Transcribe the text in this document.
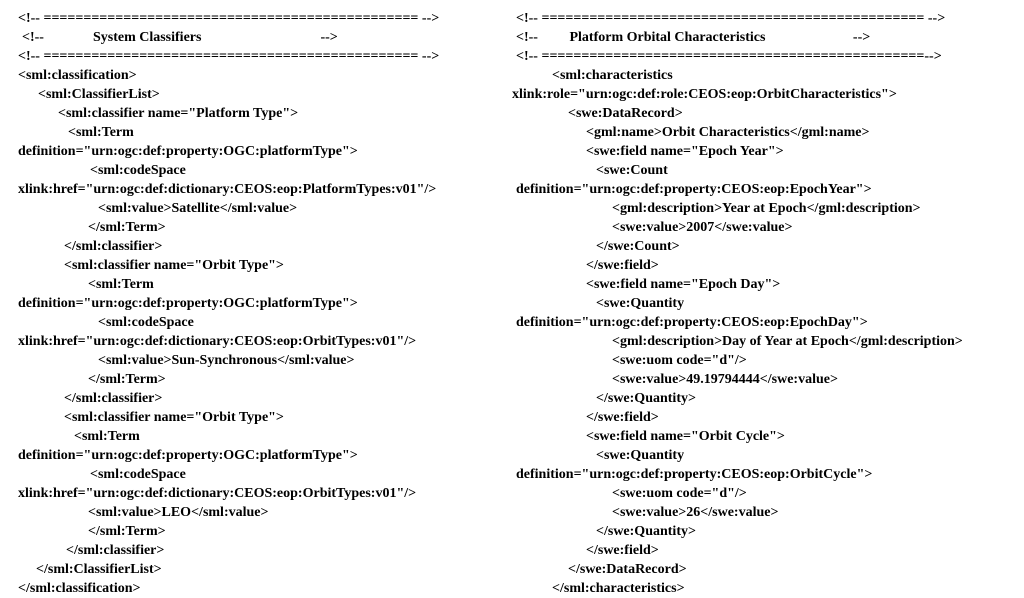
<!-- =============================================== -->
<!--              System Classifiers                                  -->
<!-- =============================================== -->
<sml:classification>
<sml:ClassifierList>
<sml:classifier name="Platform Type">
<sml:Term
definition="urn:ogc:def:property:OGC:platformType">
<sml:codeSpace
xlink:href="urn:ogc:def:dictionary:CEOS:eop:PlatformTypes:v01"/>
<sml:value>Satellite</sml:value>
</sml:Term>
</sml:classifier>
<sml:classifier name="Orbit Type">
<sml:Term
definition="urn:ogc:def:property:OGC:platformType">
<sml:codeSpace
xlink:href="urn:ogc:def:dictionary:CEOS:eop:OrbitTypes:v01"/>
<sml:value>Sun-Synchronous</sml:value>
</sml:Term>
</sml:classifier>
<sml:classifier name="Orbit Type">
<sml:Term
definition="urn:ogc:def:property:OGC:platformType">
<sml:codeSpace
xlink:href="urn:ogc:def:dictionary:CEOS:eop:OrbitTypes:v01"/>
<sml:value>LEO</sml:value>
</sml:Term>
</sml:classifier>
</sml:ClassifierList>
</sml:classification>
<!-- ================================================ -->
<!--         Platform Orbital Characteristics                         -->
<!-- ================================================-->
<sml:characteristics
xlink:role="urn:ogc:def:role:CEOS:eop:OrbitCharacteristics">
<swe:DataRecord>
<gml:name>Orbit Characteristics</gml:name>
<swe:field name="Epoch Year">
<swe:Count
definition="urn:ogc:def:property:CEOS:eop:EpochYear">
<gml:description>Year at Epoch</gml:description>
<swe:value>2007</swe:value>
</swe:Count>
</swe:field>
<swe:field name="Epoch Day">
<swe:Quantity
definition="urn:ogc:def:property:CEOS:eop:EpochDay">
<gml:description>Day of Year at Epoch</gml:description>
<swe:uom code="d"/>
<swe:value>49.19794444</swe:value>
</swe:Quantity>
</swe:field>
<swe:field name="Orbit Cycle">
<swe:Quantity
definition="urn:ogc:def:property:CEOS:eop:OrbitCycle">
<swe:uom code="d"/>
<swe:value>26</swe:value>
</swe:Quantity>
</swe:field>
</swe:DataRecord>
</sml:characteristics>
